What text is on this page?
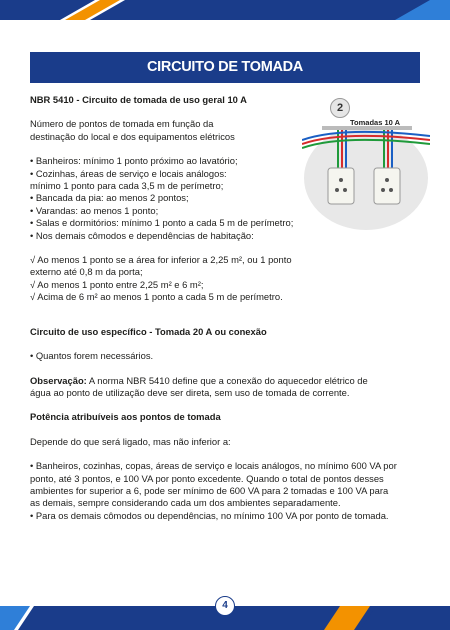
CIRCUITO DE TOMADA
2
Tomadas 10 A

NBR 5410 - Circuito de tomada de uso geral 10 A

Número de pontos de tomada em função da

destinação do local e dos equipamentos elétricos

• Banheiros: mínimo 1 ponto próximo ao lavatório;

• Cozinhas, áreas de serviço e locais análogos:

mínimo 1 ponto para cada 3,5 m de perímetro;

• Bancada da pia: ao menos 2 pontos;

• Varandas: ao menos 1 ponto;

• Salas e dormitórios: mínimo 1 ponto a cada 5 m de perímetro;

• Nos demais cômodos e dependências de habitação:

√ Ao menos 1 ponto se a área for inferior a 2,25 m², ou 1 ponto

externo até 0,8 m da porta;

√ Ao menos 1 ponto entre 2,25 m² e 6 m²;

√ Acima de 6 m² ao menos 1 ponto a cada 5 m de perímetro.

Circuito de uso específico - Tomada 20 A ou conexão

• Quantos forem necessários.

Observação: A norma NBR 5410 define que a conexão do aquecedor elétrico de

água ao ponto de utilização deve ser direta, sem uso de tomada de corrente.

Potência atribuíveis aos pontos de tomada

Depende do que será ligado, mas não inferior a:

• Banheiros, cozinhas, copas, áreas de serviço e locais análogos, no mínimo 600 VA por

ponto, até 3 pontos, e 100 VA por ponto excedente. Quando o total de pontos desses

ambientes for superior a 6, pode ser mínimo de 600 VA para 2 tomadas e 100 VA para

as demais, sempre considerando cada um dos ambientes separadamente.

• Para os demais cômodos ou dependências, no mínimo 100 VA por ponto de tomada.

4
